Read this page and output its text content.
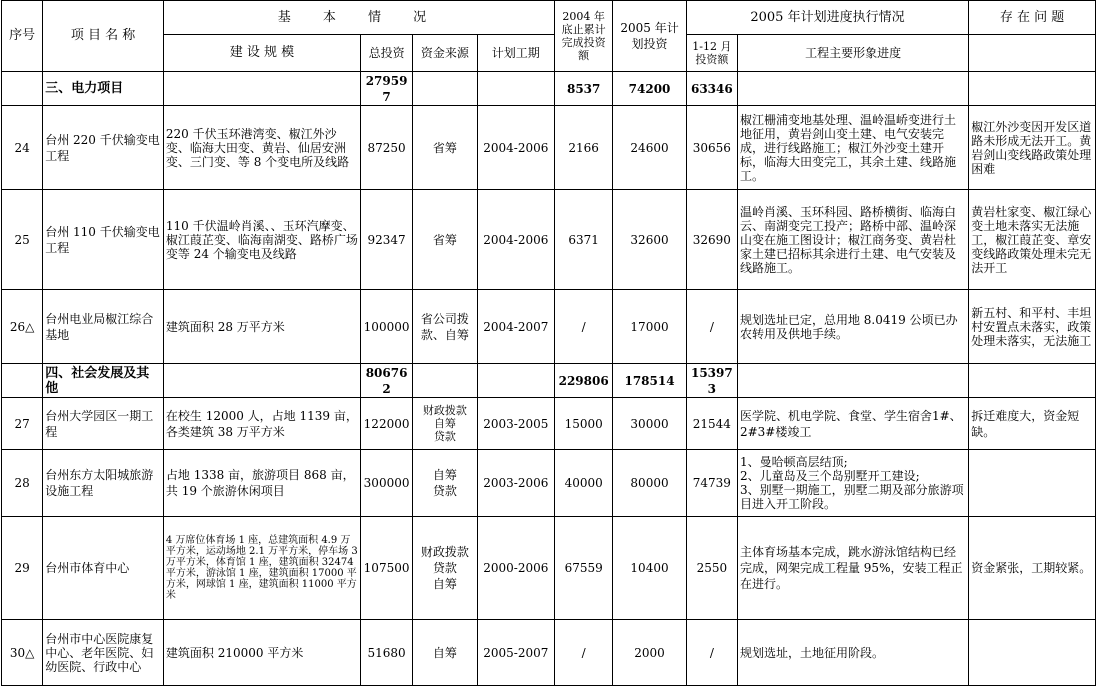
序号	项 目 名 称	基 本 情 况				2004 年底止累计完成投资额	2005 年计划投资	2005 年计划进度执行情况		存 在 问 题
		建 设 规 模	总投资	资金来源	计划工期			1-12 月投资额	工程主要形象进度	
	三、电力项目		279597			8537	74200	63346		
24	台州 220 千伏输变电工程	220 千伏玉环港湾变、椒江外沙变、临海大田变、黄岩、仙居安洲变、三门变、等 8 个变电所及线路	87250	省筹	2004-2006	2166	24600	30656	椒江栅浦变地基处理、温岭温峤变进行土地征用，黄岩剑山变土建、电气安装完成，进行线路施工；椒江外沙变土建开标，临海大田变完工，其余土建、线路施工。	椒江外沙变因开发区道路未形成无法开工。黄岩剑山变线路政策处理困难
25	台州 110 千伏输变电工程	110 千伏温岭肖溪、、玉环汽摩变、椒江葭芷变、临海南湖变、路桥广场变等 24 个输变电及线路	92347	省筹	2004-2006	6371	32600	32690	温岭肖溪、玉环科园、路桥横街、临海白云、南湖变完工投产；路桥中部、温岭深山变在施工图设计；椒江商务变、黄岩杜家土建已招标其余进行土建、电气安装及线路施工。	黄岩杜家变、椒江绿心变土地未落实无法施工，椒江葭芷变、章安变线路政策处理未完无法开工
26△	台州电业局椒江综合基地	建筑面积 28 万平方米	100000	省公司拨款、自筹	2004-2007	/	17000	/	规划选址已定，总用地 8.0419 公顷已办农转用及供地手续。	新五村、和平村、丰坦村安置点未落实，政策处理未落实，无法施工
	四、社会发展及其他		806762			229806	178514	153973		
27	台州大学园区一期工程	在校生 12000 人，占地 1139 亩，各类建筑 38 万平方米	122000	财政拨款
自筹
贷款	2003-2005	15000	30000	21544	医学院、机电学院、食堂、学生宿舍1#、2#3#楼竣工	拆迁难度大，资金短缺。
28	台州东方太阳城旅游设施工程	占地 1338 亩，旅游项目 868 亩，共 19 个旅游休闲项目	300000	自筹
贷款	2003-2006	40000	80000	74739	1、曼哈顿高层结顶;
2、儿童岛及三个岛别墅开工建设;
3、别墅一期施工，别墅二期及部分旅游项目进入开工阶段。	
29	台州市体育中心	4 万席位体育场 1 座，总建筑面积 4.9 万平方米，运动场地 2.1 万平方米，停车场 3 万平方米，体育馆 1 座，建筑面积 32474 平方米，游泳馆 1 座，建筑面积 17000 平方米，网球馆 1 座，建筑面积 11000 平方米	107500	财政拨款
贷款
自筹	2000-2006	67559	10400	2550	主体育场基本完成，跳水游泳馆结构已经完成，网架完成工程量 95%，安装工程正在进行。	资金紧张，工期较紧。
30△	台州市中心医院康复中心、老年医院、妇幼医院、行政中心	建筑面积 210000 平方米	51680	自筹	2005-2007	/	2000	/	规划选址，土地征用阶段。	
